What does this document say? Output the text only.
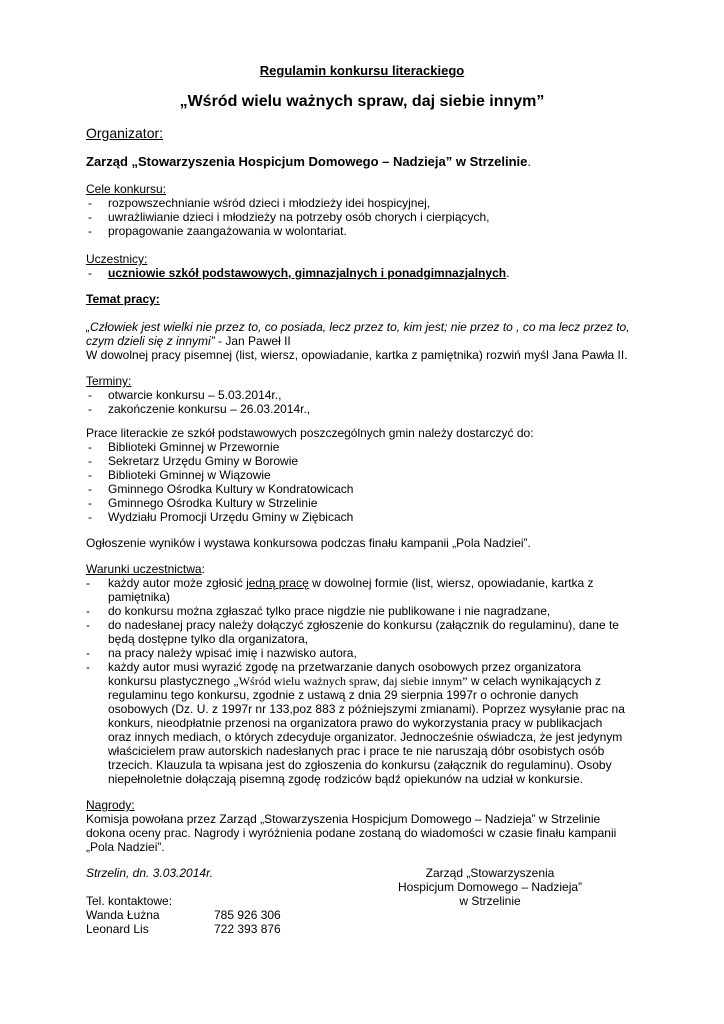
Regulamin konkursu literackiego
„Wśród wielu ważnych spraw, daj siebie innym”
Organizator:
Zarząd „Stowarzyszenia Hospicjum Domowego – Nadzieja” w Strzelinie.
Cele konkursu:
- rozpowszechnianie wśród dzieci i młodzieży idei hospicyjnej,
- uwrażliwianie dzieci i młodzieży na potrzeby osób chorych i cierpiących,
- propagowanie zaangażowania w wolontariat.
Uczestnicy:
- uczniowie szkół podstawowych, gimnazjalnych i ponadgimnazjalnych.
Temat pracy:
„Człowiek jest wielki nie przez to, co posiada, lecz przez to, kim jest; nie przez to , co ma lecz przez to,
czym dzieli się z innymi” - Jan Paweł II
W dowolnej pracy pisemnej (list, wiersz, opowiadanie, kartka z pamiętnika) rozwiń myśl Jana Pawła II.
Terminy:
- otwarcie konkursu – 5.03.2014r.,
- zakończenie konkursu – 26.03.2014r.,
Prace literackie ze szkół podstawowych poszczególnych gmin należy dostarczyć do:
- Biblioteki Gminnej w Przewornie
- Sekretarz Urzędu Gminy w Borowie
- Biblioteki Gminnej w Wiązowie
- Gminnego Ośrodka Kultury w Kondratowicach
- Gminnego Ośrodka Kultury w Strzelinie
- Wydziału Promocji Urzędu Gminy w Ziębicach
Ogłoszenie wyników i wystawa konkursowa podczas finału kampanii „Pola Nadziei”.
Warunki uczestnictwa:
- każdy autor może zgłosić jedną pracę w dowolnej formie (list, wiersz, opowiadanie, kartka z
pamiętnika)
- do konkursu można zgłaszać tylko prace nigdzie nie publikowane i nie nagradzane,
- do nadesłanej pracy należy dołączyć zgłoszenie do konkursu (załącznik do regulaminu), dane te
będą dostępne tylko dla organizatora,
- na pracy należy wpisać imię i nazwisko autora,
- każdy autor musi wyrazić zgodę na przetwarzanie danych osobowych przez organizatora
konkursu plastycznego „Wśród wielu ważnych spraw, daj siebie innym” w celach wynikających z
regulaminu tego konkursu, zgodnie z ustawą z dnia 29 sierpnia 1997r o ochronie danych
osobowych (Dz. U. z 1997r nr 133,poz 883 z późniejszymi zmianami). Poprzez wysyłanie prac na
konkurs, nieodpłatnie przenosi na organizatora prawo do wykorzystania pracy w publikacjach
oraz innych mediach, o których zdecyduje organizator. Jednocześnie oświadcza, że jest jedynym
właścicielem praw autorskich nadesłanych prac i prace te nie naruszają dóbr osobistych osób
trzecich. Klauzula ta wpisana jest do zgłoszenia do konkursu (załącznik do regulaminu). Osoby
niepełnoletnie dołączają pisemną zgodę rodziców bądź opiekunów na udział w konkursie.
Nagrody:
Komisja powołana przez Zarząd „Stowarzyszenia Hospicjum Domowego – Nadzieja” w Strzelinie
dokona oceny prac. Nagrody i wyróżnienia podane zostaną do wiadomości w czasie finału kampanii
„Pola Nadziei”.
Strzelin, dn. 3.03.2014r.	Zarząd „Stowarzyszenia
Hospicjum Domowego – Nadzieja”
w Strzelinie
Tel. kontaktowe:
Wanda Łużna	785 926 306
Leonard Lis	722 393 876
